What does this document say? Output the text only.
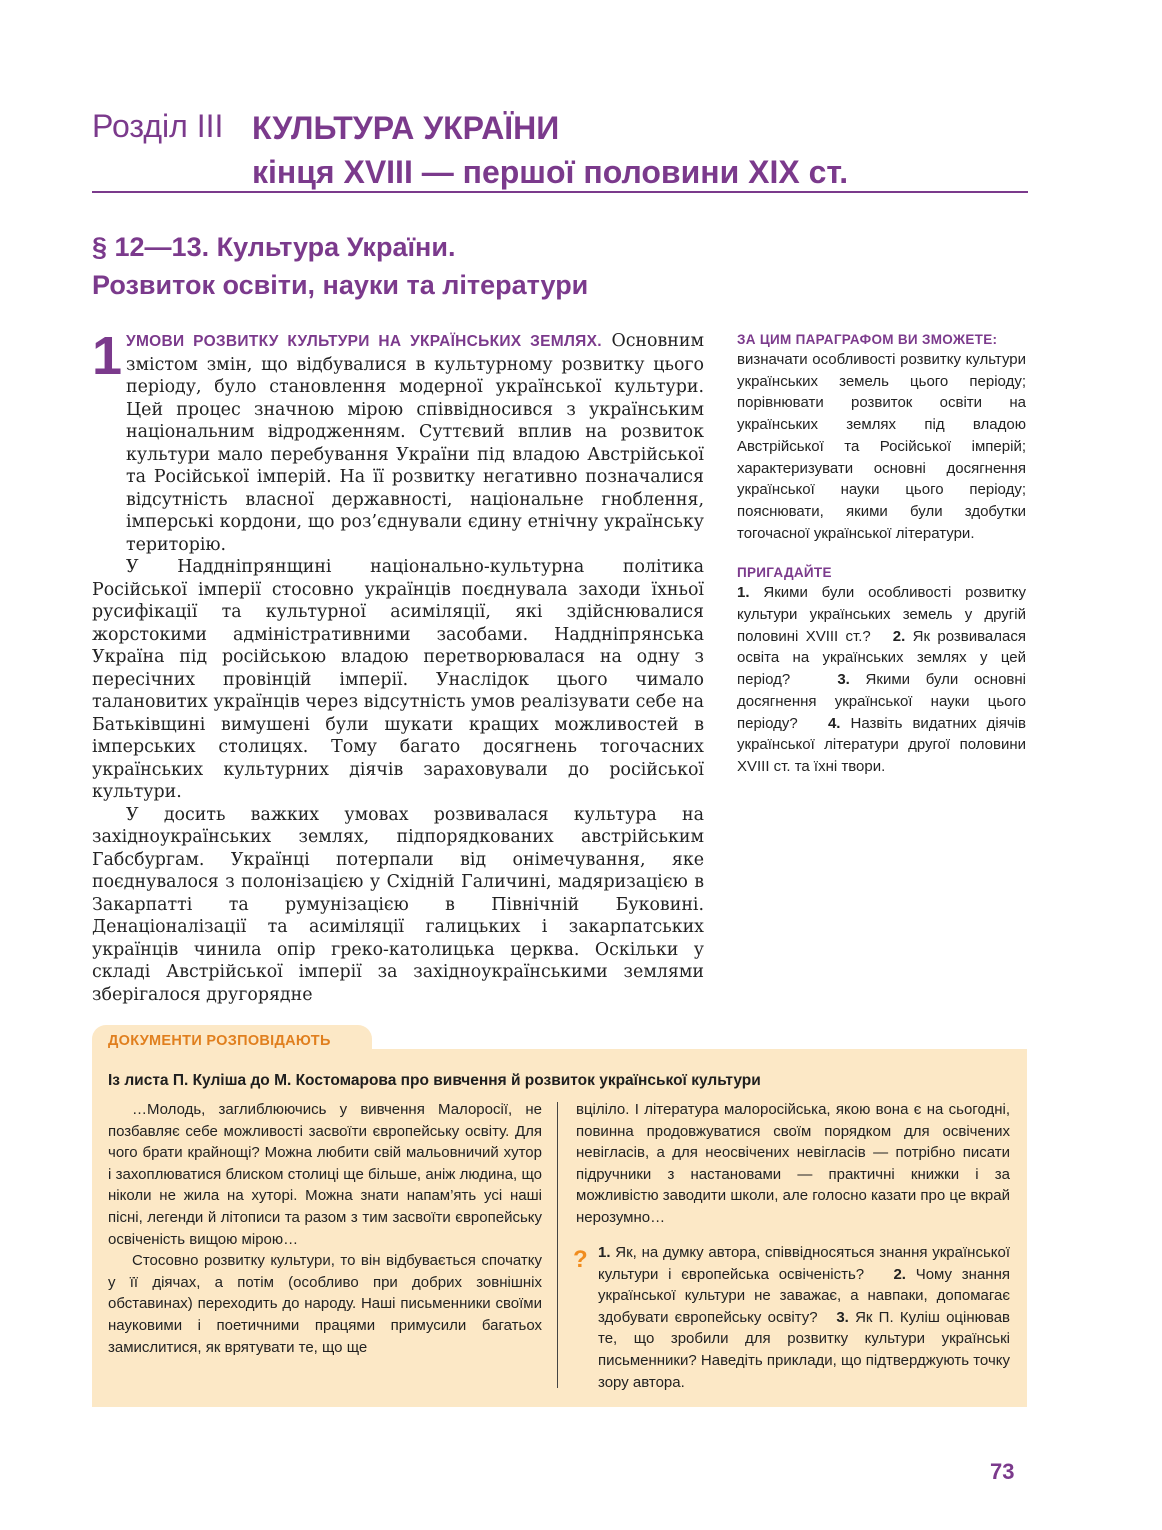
Розділ III КУЛЬТУРА УКРАЇНИ
кінця XVIII — першої половини XIX ст.
§ 12—13. Культура України.
Розвиток освіти, науки та літератури
1 УМОВИ РОЗВИТКУ КУЛЬТУРИ НА УКРАЇНСЬКИХ ЗЕМЛЯХ. Основним змістом змін, що відбувалися в культурному розвитку цього періоду, було становлення модерної української культури. Цей процес значною мірою співвідносився з українським національним відродженням. Суттєвий вплив на розвиток культури мало перебування України під владою Австрійської та Російської імперій. На її розвитку негативно позначалися відсутність власної державності, національне гноблення, імперські кордони, що роз’єднували єдину етнічну українську територію.

У Наддніпрянщині національно-культурна політика Російської імперії стосовно українців поєднувала заходи їхньої русифікації та культурної асиміляції, які здійснювалися жорстокими адміністративними засобами. Наддніпрянська Україна під російською владою перетворювалася на одну з пересічних провінцій імперії. Унаслідок цього чимало талановитих українців через відсутність умов реалізувати себе на Батьківщині вимушені були шукати кращих можливостей в імперських столицях. Тому багато досягнень тогочасних українських культурних діячів зараховували до російської культури.

У досить важких умовах розвивалася культура на західноукраїнських землях, підпорядкованих австрійським Габсбургам. Українці потерпали від онімечування, яке поєднувалося з полонізацією у Східній Галичині, мадяризацією в Закарпатті та румунізацією в Північній Буковині. Денаціоналізації та асиміляції галицьких і закарпатських українців чинила опір греко-католицька церква. Оскільки у складі Австрійської імперії за західноукраїнськими землями зберігалося другорядне

ЗА ЦИМ ПАРАГРАФОМ ВИ ЗМОЖЕТЕ:

визначати особливості розвитку культури українських земель цього періоду; порівнювати розвиток освіти на українських землях під владою Австрійської та Російської імперій; характеризувати основні досягнення української науки цього періоду; пояснювати, якими були здобутки тогочасної української літератури.

ПРИГАДАЙТЕ

1. Якими були особливості розвитку культури українських земель у другій половині XVIII ст.? 2. Як розвивалася освіта на українських землях у цей період?	3. Якими були основні досягнення української науки цього періоду? 4. Назвіть видатних діячів української літератури другої половини XVIII ст. та їхні твори.

ДОКУМЕНТИ РОЗПОВІДАЮТЬ
Із листа П. Куліша до М. Костомарова про вивчення й розвиток української культури

…Молодь, заглиблюючись у вивчення Малоросії, не позбавляє себе можливості засвоїти європейську освіту. Для чого брати крайнощі? Можна любити свій мальовничий хутор і захоплюватися блиском столиці ще більше, аніж людина, що ніколи не жила на хуторі. Можна знати напам’ять усі наші пісні, легенди й літописи та разом з тим засвоїти європейську освіченість вищою мірою…

Стосовно розвитку культури, то він відбувається спочатку у її діячах, а потім (особливо при добрих зовнішніх обставинах) переходить до народу. Наші письменники своїми науковими і поетичними працями примусили багатьох замислитися, як врятувати те, що ще

вціліло. І література малоросійська, якою вона є на сьогодні, повинна продовжуватися своїм порядком для освічених невігласів, а для неосвічених невігласів — потрібно писати підручники з настановами — практичні книжки і за можливістю заводити школи, але голосно казати про це вкрай нерозумно…

? 1. Як, на думку автора, співвідносяться знання української культури і європейська освіченість? 2. Чому знання української культури не заважає, а навпаки, допомагає здобувати європейську освіту? 3. Як П. Куліш оцінював те, що зробили для розвитку культури українські письменники? Наведіть приклади, що підтверджують точку зору автора.
73
